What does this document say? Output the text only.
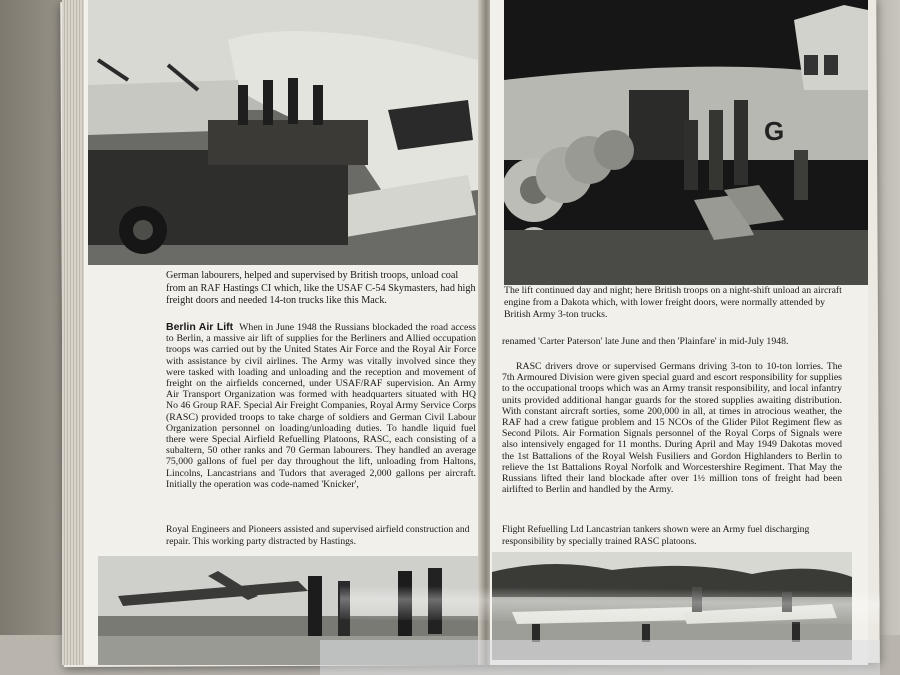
German labourers, helped and supervised by British troops, unload coal from an RAF Hastings CI which, like the USAF C-54 Skymasters, had high freight doors and needed 14-ton trucks like this Mack.
Berlin Air Lift When in June 1948 the Russians blockaded the road access to Berlin, a massive air lift of supplies for the Berliners and Allied occupation troops was carried out by the United States Air Force and the Royal Air Force with assistance by civil airlines. The Army was vitally involved since they were tasked with loading and unloading and the reception and movement of freight on the airfields concerned, under USAF/RAF supervision. An Army Air Transport Organization was formed with headquarters situated with HQ No 46 Group RAF. Special Air Freight Companies, Royal Army Service Corps (RASC) provided troops to take charge of soldiers and German Civil Labour Organization personnel on loading/unloading duties. To handle liquid fuel there were Special Airfield Refuelling Platoons, RASC, each consisting of a subaltern, 50 other ranks and 70 German labourers. They handled an average 75,000 gallons of fuel per day throughout the lift, unloading from Haltons, Lincolns, Lancastrians and Tudors that averaged 2,000 gallons per aircraft. Initially the operation was code-named 'Knicker',
Royal Engineers and Pioneers assisted and supervised airfield construction and repair. This working party distracted by Hastings.
G
The lift continued day and night; here British troops on a night-shift unload an aircraft engine from a Dakota which, with lower freight doors, were normally attended by British Army 3-ton trucks.
renamed 'Carter Paterson' late June and then 'Plainfare' in mid-July 1948.
RASC drivers drove or supervised Germans driving 3-ton to 10-ton lorries. The 7th Armoured Division were given special guard and escort responsibility for supplies to the occupational troops which was an Army transit responsibility, and local infantry units provided additional hangar guards for the stored supplies awaiting distribution. With constant aircraft sorties, some 200,000 in all, at times in atrocious weather, the RAF had a crew fatigue problem and 15 NCOs of the Glider Pilot Regiment flew as Second Pilots. Air Formation Signals personnel of the Royal Corps of Signals were also intensively engaged for 11 months. During April and May 1949 Dakotas moved the 1st Battalions of the Royal Welsh Fusiliers and Gordon Highlanders to Berlin to relieve the 1st Battalions Royal Norfolk and Worcestershire Regiment. That May the Russians lifted their land blockade after over 1½ million tons of freight had been airlifted to Berlin and handled by the Army.
Flight Refuelling Ltd Lancastrian tankers shown were an Army fuel discharging responsibility by specially trained RASC platoons.
